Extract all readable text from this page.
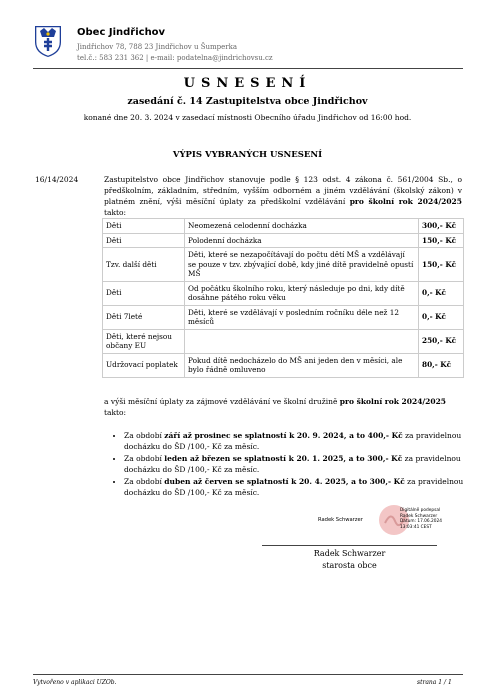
Obec Jindřichov
Jindřichov 78, 788 23 Jindřichov u Šumperka
tel.č.: 583 231 362 | e-mail: podatelna@jindrichovsu.cz
USNESENÍ
zasedání č. 14 Zastupitelstva obce Jindřichov
konané dne 20. 3. 2024 v zasedací místnosti Obecního úřadu Jindřichov od 16:00 hod.
VÝPIS VYBRANÝCH USNESENÍ
16/14/2024	Zastupitelstvo obce Jindřichov stanovuje podle § 123 odst. 4 zákona č. 561/2004 Sb., o předškolním, základním, středním, vyšším odborném a jiném vzdělávání (školský zákon) v platném znění, výši měsíční úplaty za předškolní vzdělávání pro školní rok 2024/2025 takto:
Děti	Neomezená celodenní docházka	300,- Kč
Děti	Polodenní docházka	150,- Kč
Tzv. další děti	Děti, které se nezapočítávají do počtu dětí MŠ a vzdělávají se pouze v tzv. zbývající době, kdy jiné dítě pravidelně opustí MŠ	150,- Kč
Děti	Od počátku školního roku, který následuje po dni, kdy dítě dosáhne pátého roku věku	0,- Kč
Děti 7leté	Děti, které se vzdělávají v posledním ročníku déle než 12 měsíců	0,- Kč
Děti, které nejsou občany EU		250,- Kč
Udržovací poplatek	Pokud dítě nedocházelo do MŠ ani jeden den v měsíci, ale bylo řádně omluveno	80,- Kč
a výši měsíční úplaty za zájmové vzdělávání ve školní družině pro školní rok 2024/2025 takto:
• Za období září až prosinec se splatností k 20. 9. 2024, a to 400,- Kč za pravidelnou docházku do ŠD /100,- Kč za měsíc.
• Za období leden až březen se splatností k 20. 1. 2025, a to 300,- Kč za pravidelnou docházku do ŠD /100,- Kč za měsíc.
• Za období duben až červen se splatností k 20. 4. 2025, a to 300,- Kč za pravidelnou docházku do ŠD /100,- Kč za měsíc.
Radek Schwarzer
Digitálně podepsal
Radek Schwarzer
Datum: 17.06.2024
13:03:41 CEST
Radek Schwarzer
starosta obce
Vytvořeno v aplikaci UZOb.	strana 1 / 1
